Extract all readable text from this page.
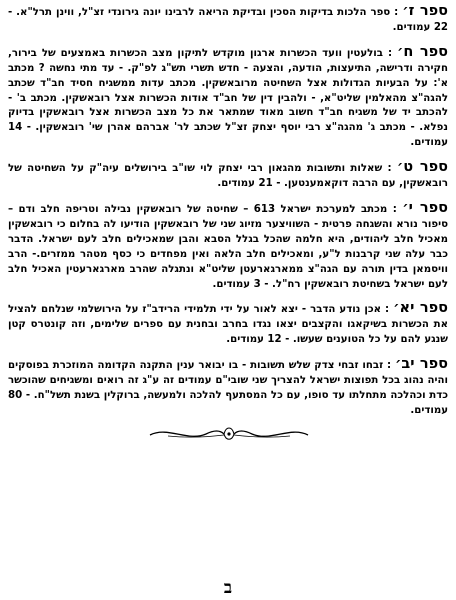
ספר ז׳ : ספר הלכות בדיקות הסכין ובדיקת הריאה לרבינו יונה גירונדי זצ"ל, ווינן תרל"א. - 22 עמודים.

ספר ח׳ : בולעטין וועד הכשרות ארגון מוקדש לתיקון מצב הכשרות באמצעים של בירור, חקירה ודרישה, התיעצות, הודעה, והצעה - חדש תשרי תש"ג לפ"ק. - עד מתי נחשה ? מכתב א': על הבעיות הגדולות אצל השחיטה מרובאשקין. מכתב עדות ממשגיח חסיד חב"ד שכתב להגה"צ מהאלמין שליט"א, - ולהבין דין של חב"ד אודות הכשרות אצל רובאשקין. מכתב ב' - להכתב יד של משגיח חב"ד חשוב מאוד שמתאר את כל מצב הכשרות אצל רובאשקין בדיוק נפלא. - מכתב ג' מהגה"צ רבי יוסף יצחק זצ"ל שכתב לר' אברהם אהרן שי' רובאשקין. - 14 עמודים.

ספר ט׳ : שאלות ותשובות מהגאון רבי יצחק לוי שו"ב בירושלים עיה"ק על השחיטה של רובאשקין, עם הרבה דוקאמענטען. - 21 עמודים.

ספר י׳ : מכתב למערכת ישראל 613 – שחיטה של רובאשקין נבילה וטריפה חלב ודם – סיפור נורא והשגחה פרטית - השוויצער מזיוג שני של רובאשקין הודיעו לה בחלום כי רובאשקין מאכיל חלב ליהודים, היא חלמה שהכל בגלל הסבא והבן שמאכילים חלב לעם ישראל. הדבר כבר עלה שני קרבנות ל"ע, ומאכילים חלב הלאה ואין מפחדים כי כסף מטהר ממזרים.- הרב וויסמאן בדין תורה עם הגה"צ ממארגארעטן שליט"א ונתגלה שהרב מארגארעטין האכיל חלב לעם ישראל בשחיטת רובאשקין רח"ל. - 3 עמודים.

ספר יא׳ : אכן נודע הדבר - יצא לאור על ידי תלמידי הרידב"ז על הירושלמי שנלחם להציל את הכשרות בשיקאגו והקצבים יצאו נגדו בחרב ובחנית עם ספרים שלימים, וזה קונטרס קטן שנגע להם על כל הטוענים שעשו. - 12 עמודים.

ספר יב׳ : זבחו זבחי צדק שלש תשובות - בו יבואר ענין התקנה הקדומה המוזכרת בפוסקים והיה נהוג בכל תפוצות ישראל להצריך שני שובי"ם עמודים זה ע"ג זה רואים ומשגיחים שהוכשר כדת וכהלכה מתחלתו עד סופו, עם כל המסתעף להלכה ולמעשה, ברוקלין בשנת תשל"ח. - 80 עמודים.

ב
